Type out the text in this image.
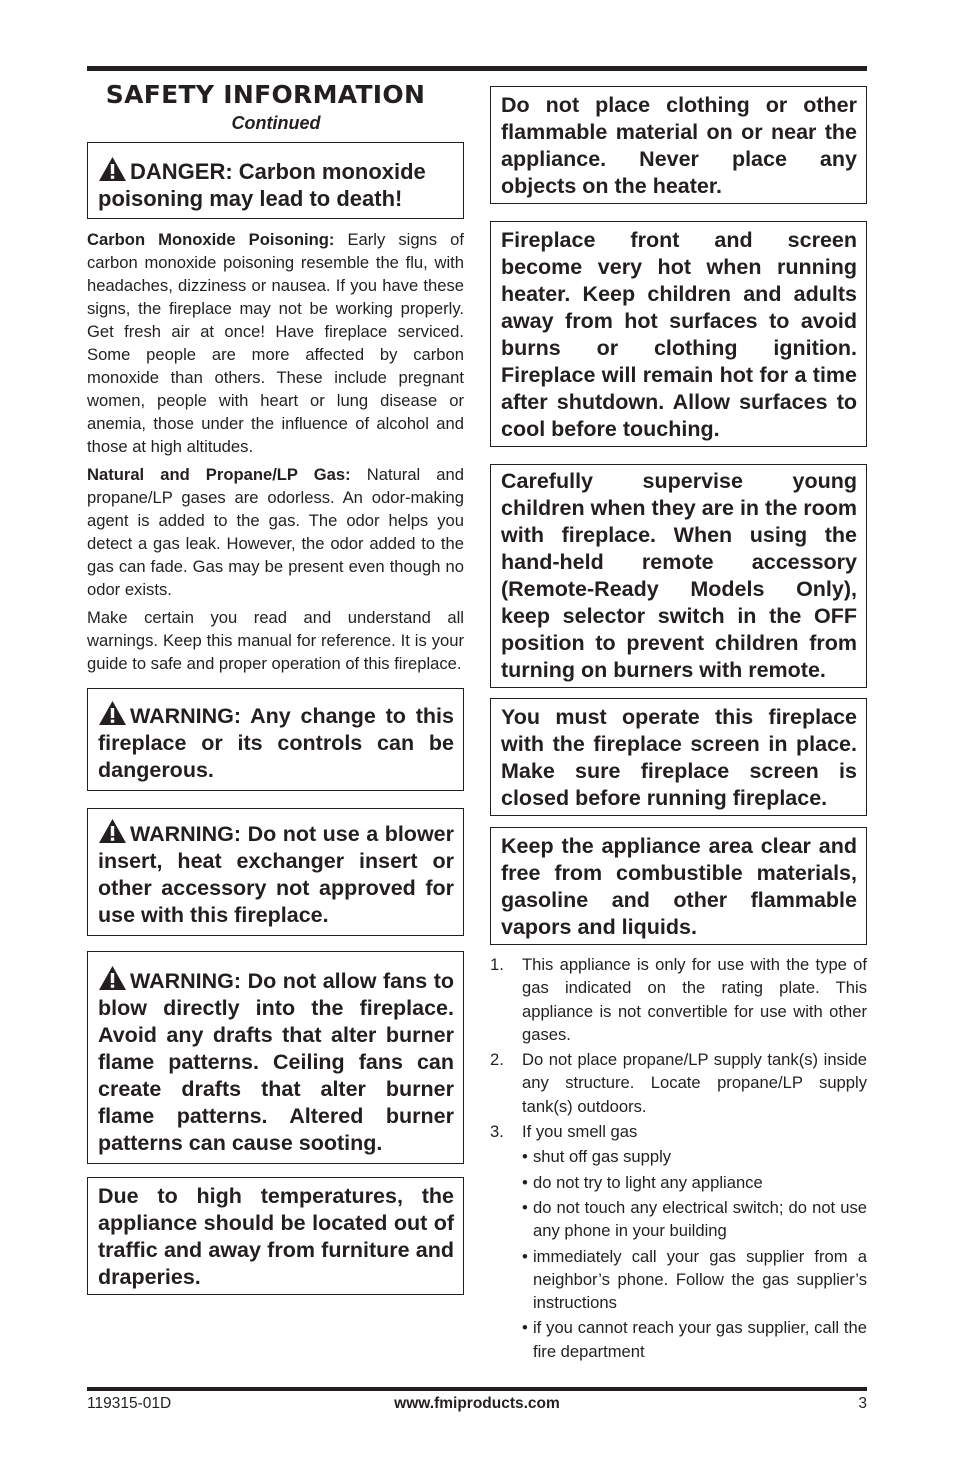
SAFETY INFORMATION
Continued
DANGER: Carbon monoxide poisoning may lead to death!

Carbon Monoxide Poisoning: Early signs of carbon monoxide poisoning resemble the flu, with headaches, dizziness or nausea. If you have these signs, the fireplace may not be working properly. Get fresh air at once! Have fireplace serviced. Some people are more affected by carbon monoxide than others. These include pregnant women, people with heart or lung disease or anemia, those under the influence of alcohol and those at high altitudes.

Natural and Propane/LP Gas: Natural and propane/LP gases are odorless. An odor-making agent is added to the gas. The odor helps you detect a gas leak. However, the odor added to the gas can fade. Gas may be present even though no odor exists.

Make certain you read and understand all warnings. Keep this manual for reference. It is your guide to safe and proper operation of this fireplace.

WARNING: Any change to this fireplace or its controls can be dangerous.
WARNING: Do not use a blower insert, heat exchanger insert or other accessory not approved for use with this fireplace.
WARNING: Do not allow fans to blow directly into the fireplace. Avoid any drafts that alter burner flame patterns. Ceiling fans can create drafts that alter burner flame patterns. Altered burner patterns can cause sooting.
Due to high temperatures, the appliance should be located out of traffic and away from furniture and draperies.
Do not place clothing or other flammable material on or near the appliance. Never place any objects on the heater.
Fireplace front and screen become very hot when running heater. Keep children and adults away from hot surfaces to avoid burns or clothing ignition. Fireplace will remain hot for a time after shutdown. Allow surfaces to cool before touching.
Carefully supervise young children when they are in the room with fireplace. When using the hand-held remote accessory (Remote-Ready Models Only), keep selector switch in the OFF position to prevent children from turning on burners with remote.
You must operate this fireplace with the fireplace screen in place. Make sure fireplace screen is closed before running fireplace.
Keep the appliance area clear and free from combustible materials, gasoline and other flammable vapors and liquids.
1. This appliance is only for use with the type of gas indicated on the rating plate. This appliance is not convertible for use with other gases.
2. Do not place propane/LP supply tank(s) inside any structure. Locate propane/LP supply tank(s) outdoors.
3. If you smell gas
• shut off gas supply
• do not try to light any appliance
• do not touch any electrical switch; do not use any phone in your building
• immediately call your gas supplier from a neighbor’s phone. Follow the gas supplier’s instructions
• if you cannot reach your gas supplier, call the fire department
119315-01D	www.fmiproducts.com	3
